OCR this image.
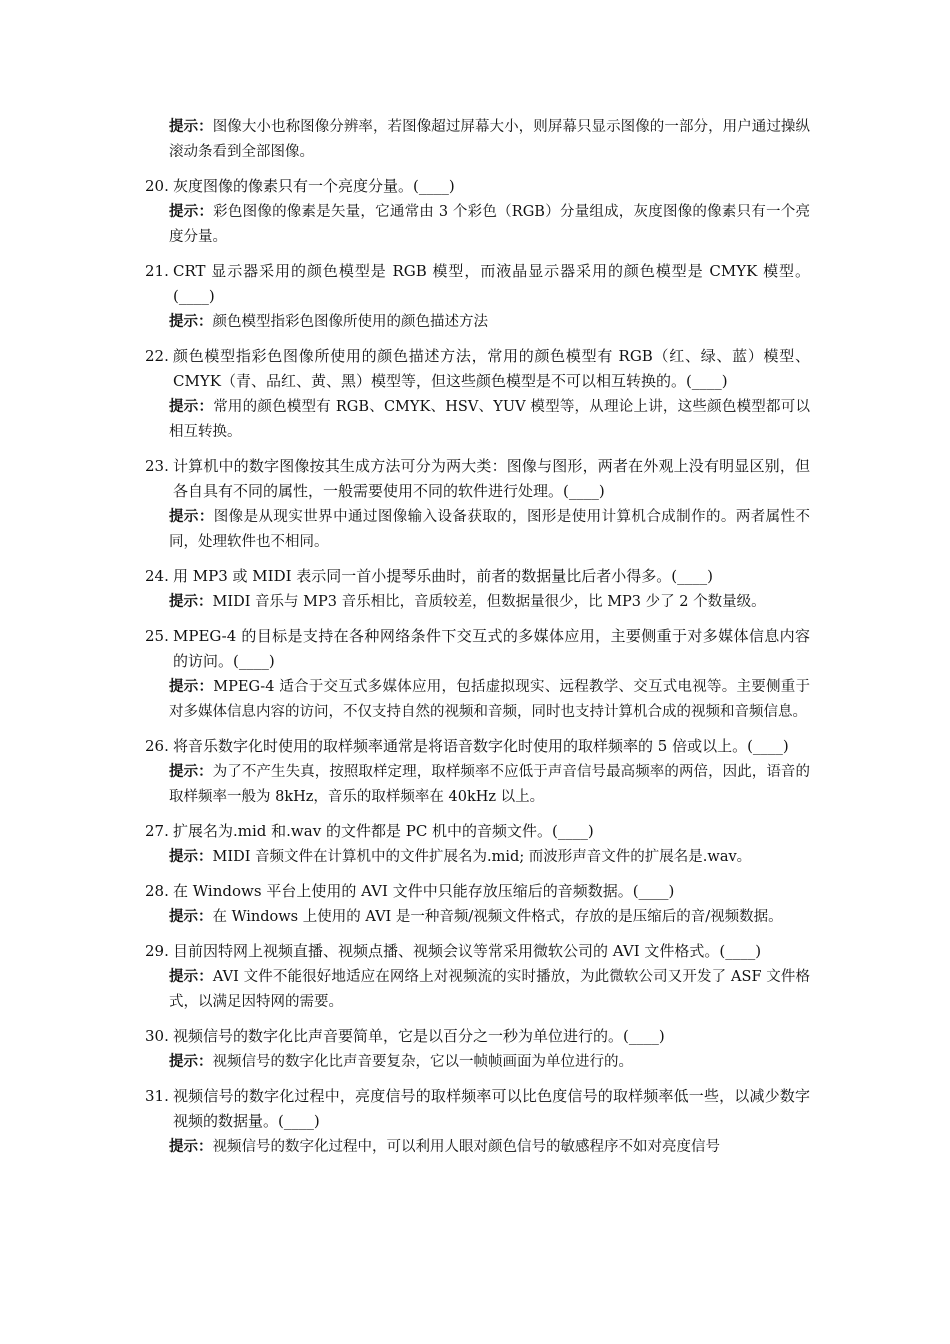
提示：图像大小也称图像分辨率，若图像超过屏幕大小，则屏幕只显示图像的一部分，用户通过操纵滚动条看到全部图像。
20. 灰度图像的像素只有一个亮度分量。(____)
提示：彩色图像的像素是矢量，它通常由 3 个彩色（RGB）分量组成，灰度图像的像素只有一个亮度分量。
21. CRT 显示器采用的颜色模型是 RGB 模型，而液晶显示器采用的颜色模型是 CMYK 模型。(____)
提示：颜色模型指彩色图像所使用的颜色描述方法
22. 颜色模型指彩色图像所使用的颜色描述方法，常用的颜色模型有 RGB（红、绿、蓝）模型、CMYK（青、品红、黄、黑）模型等，但这些颜色模型是不可以相互转换的。(____)
提示：常用的颜色模型有 RGB、CMYK、HSV、YUV 模型等，从理论上讲，这些颜色模型都可以相互转换。
23. 计算机中的数字图像按其生成方法可分为两大类：图像与图形，两者在外观上没有明显区别，但各自具有不同的属性，一般需要使用不同的软件进行处理。(____)
提示：图像是从现实世界中通过图像输入设备获取的，图形是使用计算机合成制作的。两者属性不同，处理软件也不相同。
24. 用 MP3 或 MIDI 表示同一首小提琴乐曲时，前者的数据量比后者小得多。(____)
提示：MIDI 音乐与 MP3 音乐相比，音质较差，但数据量很少，比 MP3 少了 2 个数量级。
25. MPEG-4 的目标是支持在各种网络条件下交互式的多媒体应用，主要侧重于对多媒体信息内容的访问。(____)
提示：MPEG-4 适合于交互式多媒体应用，包括虚拟现实、远程教学、交互式电视等。主要侧重于对多媒体信息内容的访问，不仅支持自然的视频和音频，同时也支持计算机合成的视频和音频信息。
26. 将音乐数字化时使用的取样频率通常是将语音数字化时使用的取样频率的 5 倍或以上。(____)
提示：为了不产生失真，按照取样定理，取样频率不应低于声音信号最高频率的两倍，因此，语音的取样频率一般为 8kHz，音乐的取样频率在 40kHz 以上。
27. 扩展名为.mid 和.wav 的文件都是 PC 机中的音频文件。(____)
提示：MIDI 音频文件在计算机中的文件扩展名为.mid; 而波形声音文件的扩展名是.wav。
28. 在 Windows 平台上使用的 AVI 文件中只能存放压缩后的音频数据。(____)
提示：在 Windows 上使用的 AVI 是一种音频/视频文件格式，存放的是压缩后的音/视频数据。
29. 目前因特网上视频直播、视频点播、视频会议等常采用微软公司的 AVI 文件格式。(____)
提示：AVI 文件不能很好地适应在网络上对视频流的实时播放，为此微软公司又开发了 ASF 文件格式，以满足因特网的需要。
30. 视频信号的数字化比声音要简单，它是以百分之一秒为单位进行的。(____)
提示：视频信号的数字化比声音要复杂，它以一帧帧画面为单位进行的。
31. 视频信号的数字化过程中，亮度信号的取样频率可以比色度信号的取样频率低一些，以减少数字视频的数据量。(____)
提示：视频信号的数字化过程中，可以利用人眼对颜色信号的敏感程序不如对亮度信号
